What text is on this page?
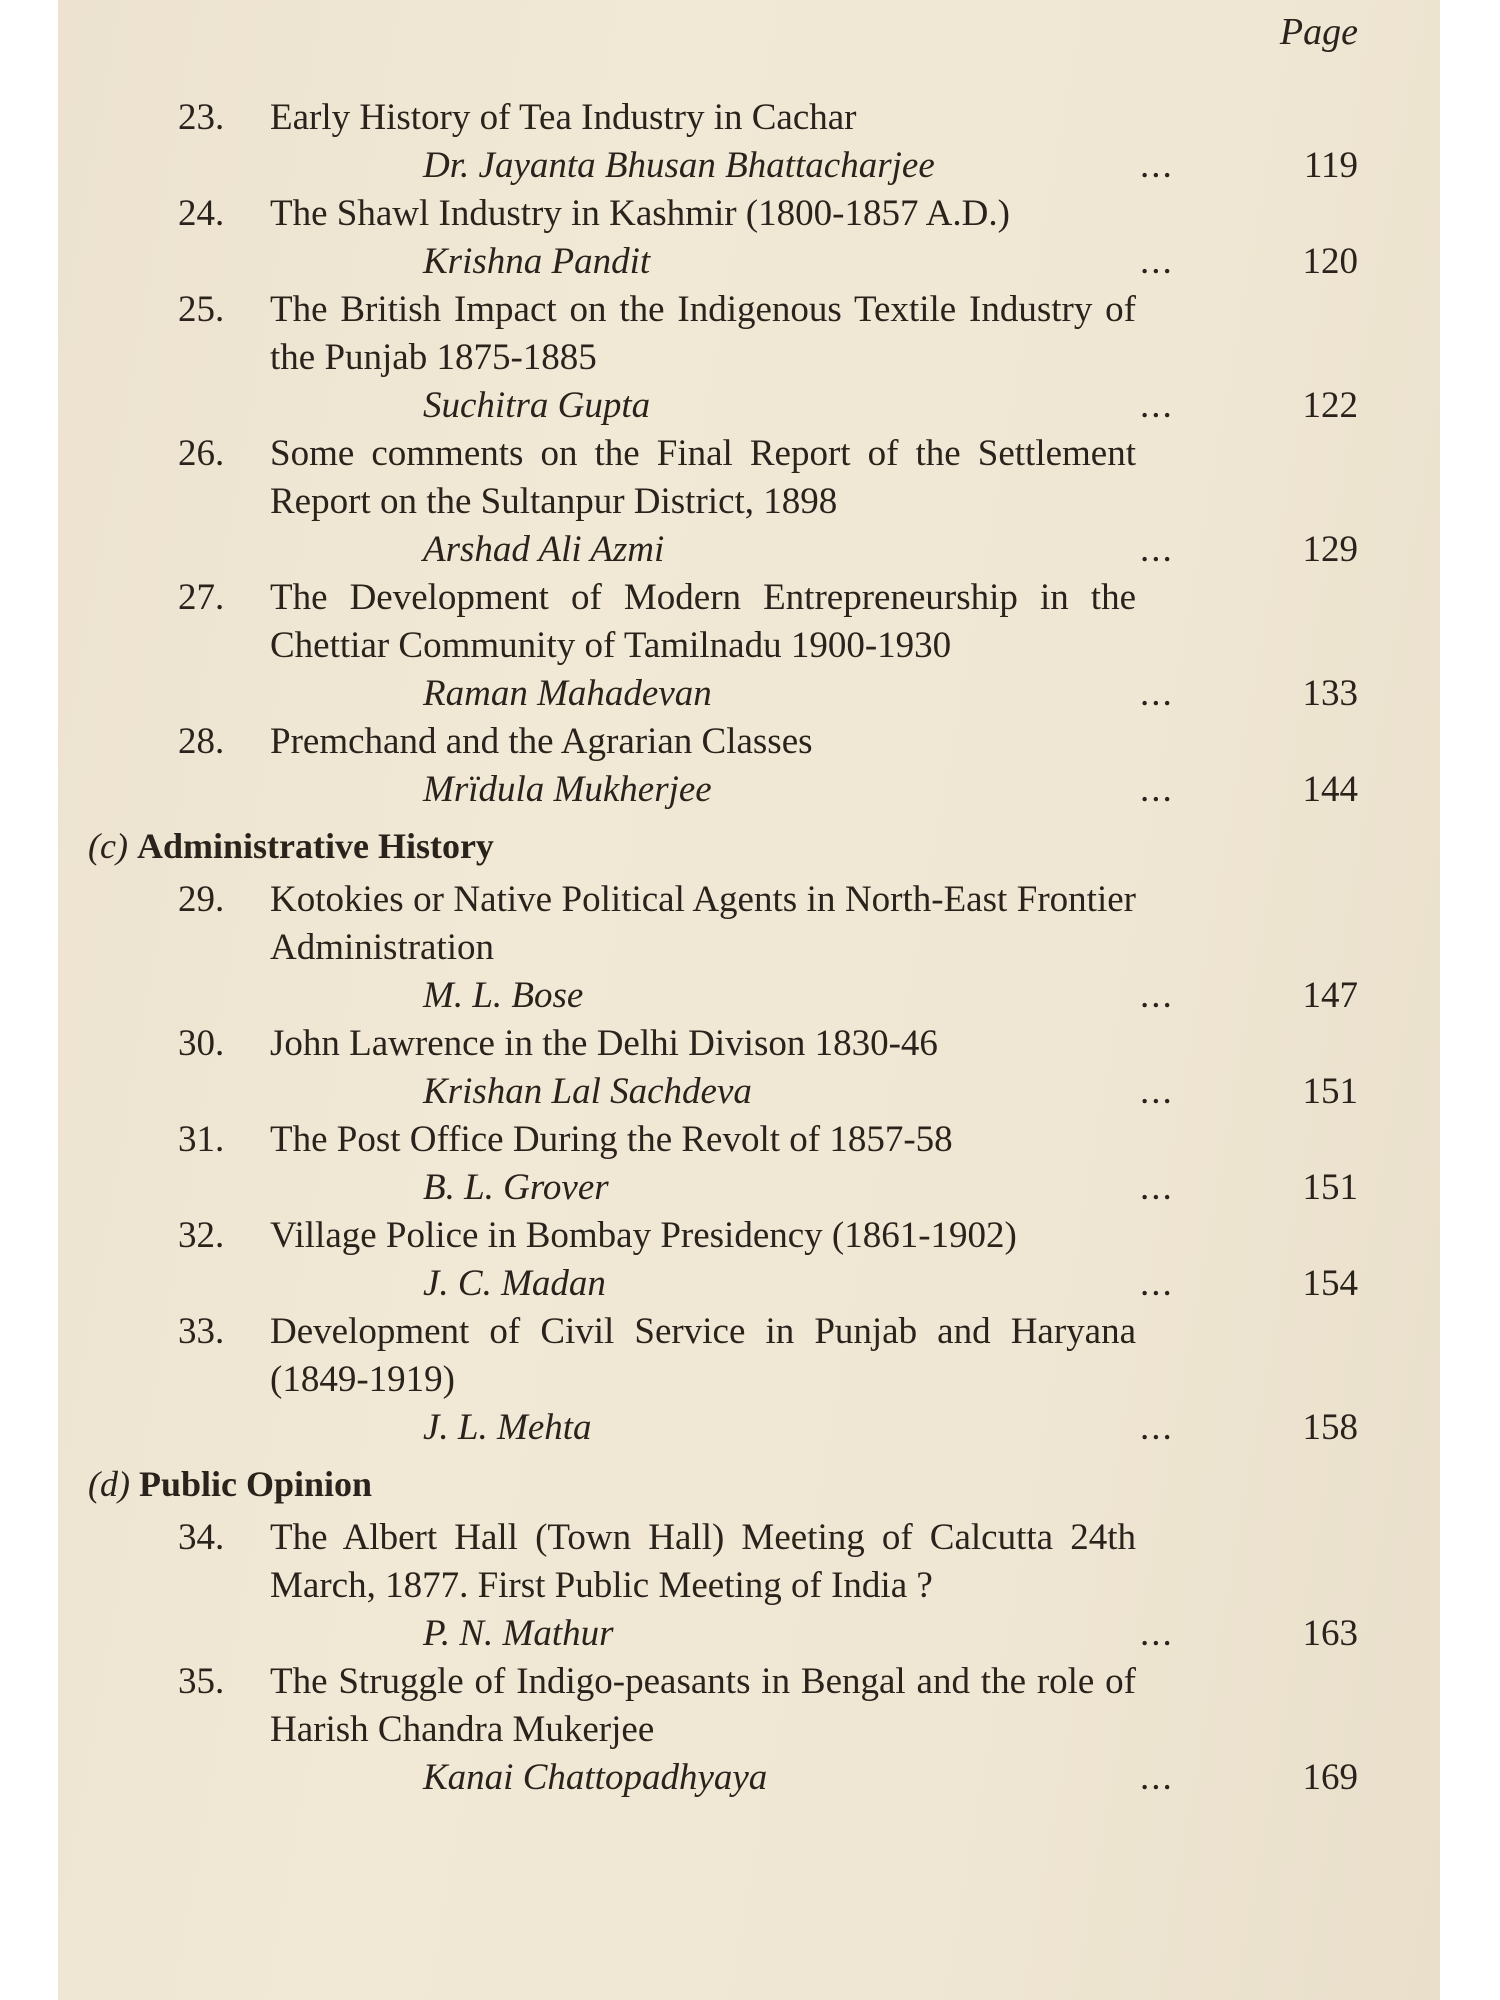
Page
23. Early History of Tea Industry in Cachar
Dr. Jayanta Bhusan Bhattacharjee	...	119
24. The Shawl Industry in Kashmir (1800-1857 A.D.)
Krishna Pandit	...	120
25. The British Impact on the Indigenous Textile Industry of the Punjab 1875-1885
Suchitra Gupta	...	122
26. Some comments on the Final Report of the Settlement Report on the Sultanpur District, 1898
Arshad Ali Azmi	...	129
27. The Development of Modern Entrepreneurship in the Chettiar Community of Tamilnadu 1900-1930
Raman Mahadevan	...	133
28. Premchand and the Agrarian Classes
Mrïdula Mukherjee	...	144
(c) Administrative History
29. Kotokies or Native Political Agents in North-East Frontier Administration
M. L. Bose	...	147
30. John Lawrence in the Delhi Divison 1830-46
Krishan Lal Sachdeva	...	151
31. The Post Office During the Revolt of 1857-58
B. L. Grover	...	151
32. Village Police in Bombay Presidency (1861-1902)
J. C. Madan	...	154
33. Development of Civil Service in Punjab and Haryana (1849-1919)
J. L. Mehta	...	158
(d) Public Opinion
34. The Albert Hall (Town Hall) Meeting of Calcutta 24th March, 1877. First Public Meeting of India ?
P. N. Mathur	...	163
35. The Struggle of Indigo-peasants in Bengal and the role of Harish Chandra Mukerjee
Kanai Chattopadhyaya	...	169
